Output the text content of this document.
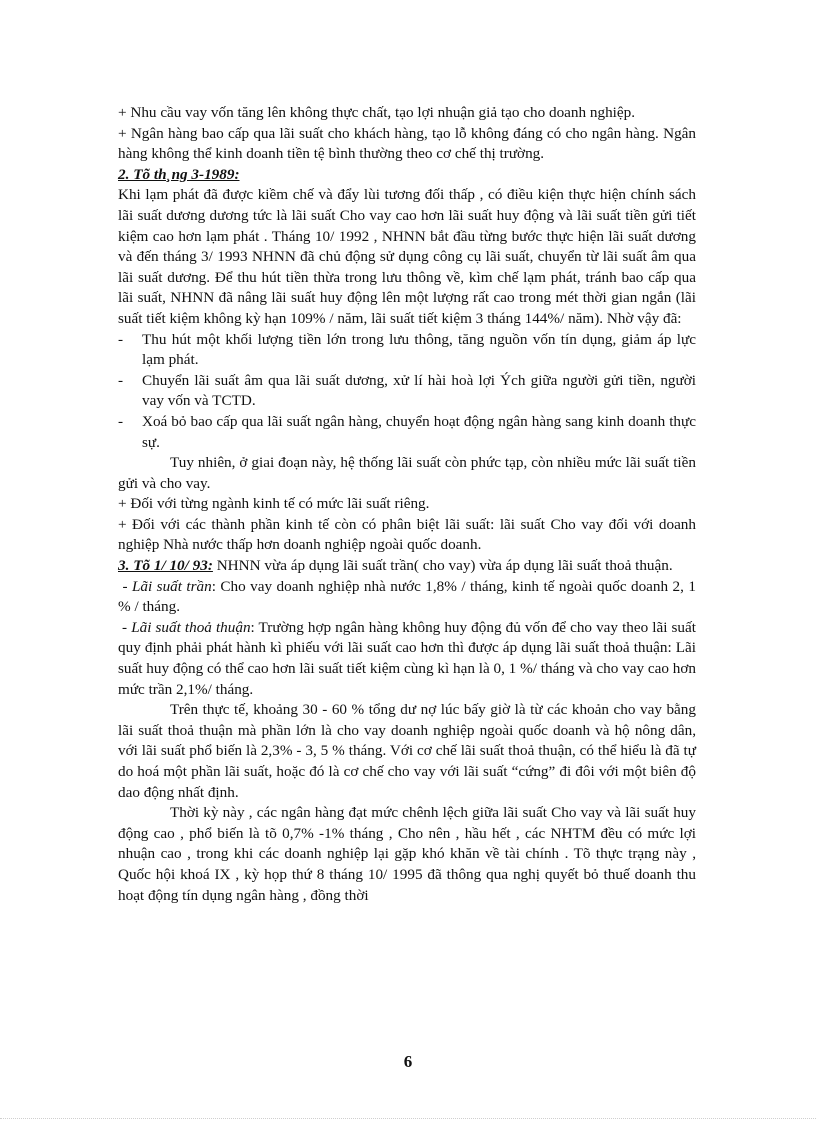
+ Nhu cầu vay vốn tăng lên không thực chất, tạo lợi nhuận giả tạo cho doanh nghiệp.

+ Ngân hàng bao cấp qua lãi suất cho khách hàng, tạo lỗ không đáng có cho ngân hàng. Ngân hàng không thể kinh doanh tiền tệ bình thường theo cơ chế thị trường.

2. Tõ th¸ng 3-1989:

Khi lạm phát đã được kiềm chế và đẩy lùi tương đối thấp , có điều kiện thực hiện chính sách lãi suất dương dương tức là lãi suất Cho vay cao hơn lãi suất huy động và lãi suất tiền gửi tiết kiệm cao hơn lạm phát . Tháng 10/ 1992 , NHNN bắt đầu từng bước thực hiện lãi suất dương và đến tháng 3/ 1993 NHNN đã chủ động sử dụng công cụ lãi suất, chuyển từ lãi suất âm qua lãi suất dương. Để thu hút tiền thừa trong lưu thông về, kìm chế lạm phát, tránh bao cấp qua lãi suất, NHNN đã nâng lãi suất huy động lên một lượng rất cao trong mét thời gian ngắn (lãi suất tiết kiệm không kỳ hạn 109% / năm, lãi suất tiết kiệm 3 tháng 144%/ năm). Nhờ vậy đã:

- Thu hút một khối lượng tiền lớn trong lưu thông, tăng nguồn vốn tín dụng, giảm áp lực lạm phát.

- Chuyển lãi suất âm qua lãi suất dương, xử lí hài hoà lợi Ých giữa người gửi tiền, người vay vốn và TCTD.

- Xoá bỏ bao cấp qua lãi suất ngân hàng, chuyển hoạt động ngân hàng sang kinh doanh thực sự.

Tuy nhiên, ở giai đoạn này, hệ thống lãi suất còn phức tạp, còn nhiều mức lãi suất tiền gửi và cho vay.

+ Đối với từng ngành kinh tế có mức lãi suất riêng.

+ Đối với các thành phần kinh tế còn có phân biệt lãi suất: lãi suất Cho vay đối với doanh nghiệp Nhà nước thấp hơn doanh nghiệp ngoài quốc doanh.

3. Tõ 1/ 10/ 93: NHNN vừa áp dụng lãi suất trần( cho vay) vừa áp dụng lãi suất thoả thuận.

- Lãi suất trần: Cho vay doanh nghiệp nhà nước 1,8% / tháng, kinh tế ngoài quốc doanh 2, 1 % / tháng.

- Lãi suất thoả thuận: Trường hợp ngân hàng không huy động đủ vốn để cho vay theo lãi suất quy định phải phát hành kì phiếu với lãi suất cao hơn thì được áp dụng lãi suất thoả thuận: Lãi suất huy động có thể cao hơn lãi suất tiết kiệm cùng kì hạn là 0, 1 %/ tháng và cho vay cao hơn mức trần 2,1%/ tháng.

Trên thực tế, khoảng 30 - 60 % tổng dư nợ lúc bấy giờ là từ các khoản cho vay bằng lãi suất thoả thuận mà phần lớn là cho vay doanh nghiệp ngoài quốc doanh và hộ nông dân, với lãi suất phổ biến là 2,3% - 3, 5 % tháng. Với cơ chế lãi suất thoả thuận, có thể hiểu là đã tự do hoá một phần lãi suất, hoặc đó là cơ chế cho vay với lãi suất “cứng” đi đôi với một biên độ dao động nhất định.

Thời kỳ này , các ngân hàng đạt mức chênh lệch giữa lãi suất Cho vay và lãi suất huy động cao , phổ biến là tõ 0,7% -1% tháng , Cho nên , hầu hết , các NHTM đều có mức lợi nhuận cao , trong khi các doanh nghiệp lại gặp khó khăn về tài chính . Tõ thực trạng này , Quốc hội khoá IX , kỳ họp thứ 8 tháng 10/ 1995 đã thông qua nghị quyết bỏ thuế doanh thu hoạt động tín dụng ngân hàng , đồng thời

6
